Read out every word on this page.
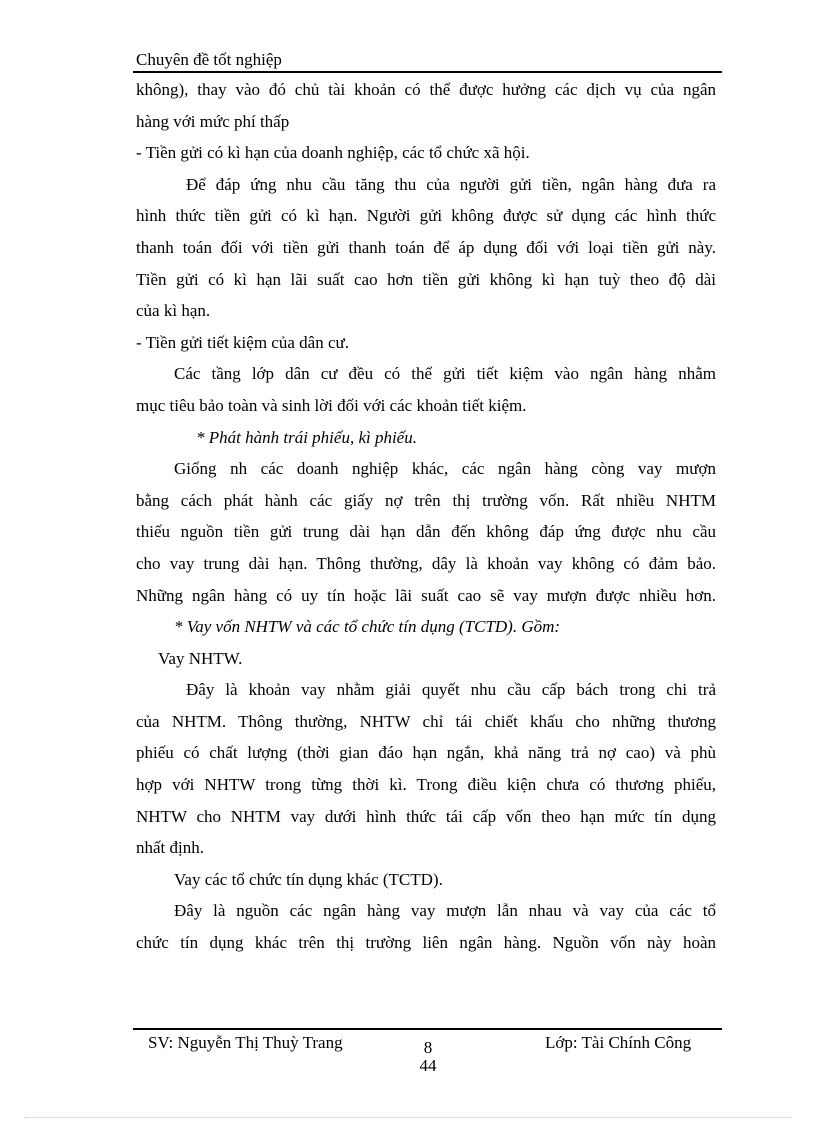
Chuyên đề tốt nghiệp

không), thay vào đó chủ tài khoản có thể được hưởng các dịch vụ của ngân

hàng với mức phí thấp

- Tiền gửi có kì hạn của doanh nghiệp, các tổ chức xã hội.

Để đáp ứng nhu cầu tăng thu của người gửi tiền, ngân hàng đưa ra

hình thức tiền gửi có kì hạn. Người gửi không được sử dụng các hình thức

thanh toán đối với tiền gửi thanh toán để áp dụng đối với loại tiền gửi này.

Tiền gửi có kì hạn lãi suất cao hơn tiền gửi không kì hạn tuỳ theo độ dài

của kì hạn.

- Tiền gửi tiết kiệm của dân cư.

Các tầng lớp dân cư đều có thể gửi tiết kiệm vào ngân hàng nhằm

mục tiêu bảo toàn và sinh lời đối với các khoản tiết kiệm.

* Phát hành trái phiếu, kì phiếu.

Giống nh các doanh nghiệp khác, các ngân hàng còng vay mượn

bằng cách phát hành các giấy nợ trên thị trường vốn. Rất nhiều NHTM

thiếu nguồn tiền gửi trung dài hạn dẫn đến không đáp ứng được nhu cầu

cho vay trung dài hạn. Thông thường, dây là khoản vay không có đảm bảo.

Những ngân hàng có uy tín hoặc lãi suất cao sẽ vay mượn được nhiều hơn.

* Vay vốn NHTW và các tổ chức tín dụng (TCTD). Gồm:

Vay NHTW.

Đây là khoản vay nhằm giải quyết nhu cầu cấp bách trong chi trả

của NHTM. Thông thường, NHTW chỉ tái chiết khấu cho những thương

phiếu có chất lượng (thời gian đáo hạn ngắn, khả năng trả nợ cao) và phù

hợp với NHTW trong từng thời kì. Trong điều kiện chưa có thương phiếu,

NHTW cho NHTM vay dưới hình thức tái cấp vốn theo hạn mức tín dụng

nhất định.

Vay các tổ chức tín dụng khác (TCTD).

Đây là nguồn các ngân hàng vay mượn lẫn nhau và vay của các tổ

chức tín dụng khác trên thị trường liên ngân hàng. Nguồn vốn này hoàn

SV: Nguyễn Thị Thuỳ Trang	8
44
Lớp: Tài Chính Công
